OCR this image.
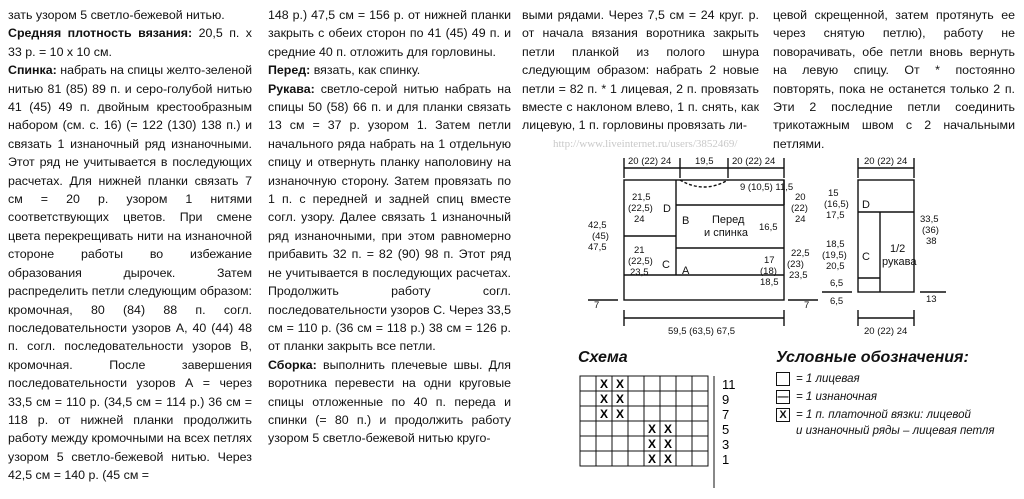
зать узором 5 светло-бежевой нитью.

Средняя плотность вязания: 20,5 п. х 33 р. = 10 х 10 см.

Спинка: набрать на спицы желто-зеленой нитью 81 (85) 89 п. и серо-голубой нитью 41 (45) 49 п. двойным крестообразным набором (см. с. 16) (= 122 (130) 138 п.) и связать 1 изнаночный ряд изнаночными. Этот ряд не учитывается в последующих расчетах. Для нижней планки связать 7 см = 20 р. узором 1 нитями соответствующих цветов. При смене цвета перекрещивать нити на изнаночной стороне работы во избежание образования дырочек. Затем распределить петли следующим образом: кромочная, 80 (84) 88 п. согл. последовательности узоров А, 40 (44) 48 п. согл. последовательности узоров В, кромочная. После завершения последовательности узоров А = через 33,5 см = 110 р. (34,5 см = 114 р.) 36 см = 118 р. от нижней планки продолжить работу между кромочными на всех петлях узором 5 светло-бежевой нитью. Через 42,5 см = 140 р. (45 см =

148 р.) 47,5 см = 156 р. от нижней планки закрыть с обеих сторон по 41 (45) 49 п. и средние 40 п. отложить для горловины.

Перед: вязать, как спинку.

Рукава: светло-серой нитью набрать на спицы 50 (58) 66 п. и для планки связать 13 см = 37 р. узором 1. Затем петли начального ряда набрать на 1 отдельную спицу и отвернуть планку наполовину на изнаночную сторону. Затем провязать по 1 п. с передней и задней спиц вместе согл. узору. Далее связать 1 изнаночный ряд изнаночными, при этом равномерно прибавить 32 п. = 82 (90) 98 п. Этот ряд не учитывается в последующих расчетах. Продолжить работу согл. последовательности узоров С. Через 33,5 см = 110 р. (36 см = 118 р.) 38 см = 126 р. от планки закрыть все петли.

Сборка: выполнить плечевые швы. Для воротника перевести на одни круговые спицы отложенные по 40 п. переда и спинки (= 80 п.) и продолжить работу узором 5 светло-бежевой нитью круго-

выми рядами. Через 7,5 см = 24 круг. р. от начала вязания воротника закрыть петли планкой из полого шнура следующим образом: набрать 2 новые петли = 82 п. * 1 лицевая, 2 п. провязать вместе с наклоном влево, 1 п. снять, как лицевую, 1 п. горловины провязать ли-

цевой скрещенной, затем протянуть ее через снятую петлю), работу не поворачивать, обе петли вновь вернуть на левую спицу. От * постоянно повторять, пока не останется только 2 п. Эти 2 последние петли соединить трикотажным швом с 2 начальными петлями.

http://www.liveinternet.ru/users/3852469/
20 (22) 24 19,5 20 (22) 24
9 (10,5) 11,5
42,5
(45)
47,5
21,5
(22,5)
24
21
(22,5)
23,5
20
(22)
24
22,5
(23)
23,5
16,5
17
(18)
18,5
7	7
59,5 (63,5) 67,5
D
B
C A
Перед
и спинка
20 (22) 24
15
(16,5)
17,5
18,5
(19,5)
20,5
6,5
6,5
33,5
(36)
38
13
20 (22) 24
D
C
1/2
рукава
Схема
X X
X X
X X
X X
X X
X X
11
9
7
5
3
1
Условные обозначения:
= 1 лицевая
— = 1 изнаночная
X = 1 п. платочной вязки: лицевой
и изнаночный ряды – лицевая петля
